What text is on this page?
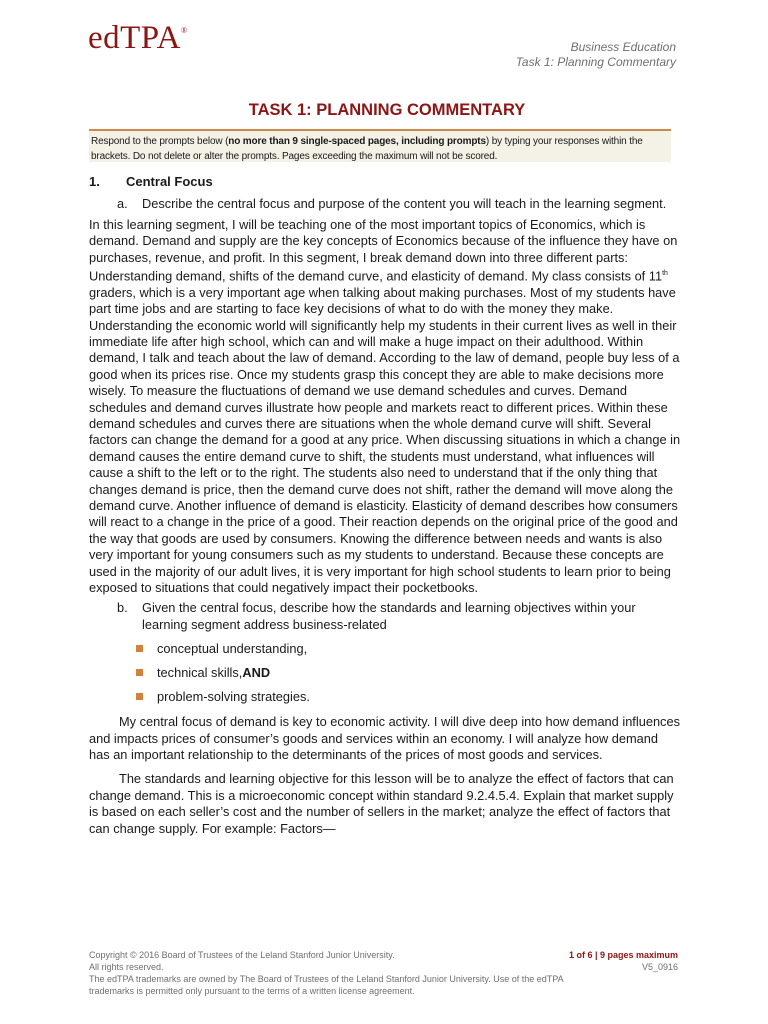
edTPA®
Business Education
Task 1: Planning Commentary
TASK 1: PLANNING COMMENTARY
Respond to the prompts below (no more than 9 single-spaced pages, including prompts) by typing your responses within the brackets. Do not delete or alter the prompts. Pages exceeding the maximum will not be scored.
1.	Central Focus
a.	Describe the central focus and purpose of the content you will teach in the learning segment.

In this learning segment, I will be teaching one of the most important topics of Economics, which is demand. Demand and supply are the key concepts of Economics because of the influence they have on purchases, revenue, and profit. In this segment, I break demand down into three different parts: Understanding demand, shifts of the demand curve, and elasticity of demand. My class consists of 11th graders, which is a very important age when talking about making purchases. Most of my students have part time jobs and are starting to face key decisions of what to do with the money they make. Understanding the economic world will significantly help my students in their current lives as well in their immediate life after high school, which can and will make a huge impact on their adulthood. Within demand, I talk and teach about the law of demand. According to the law of demand, people buy less of a good when its prices rise. Once my students grasp this concept they are able to make decisions more wisely. To measure the fluctuations of demand we use demand schedules and curves. Demand schedules and demand curves illustrate how people and markets react to different prices. Within these demand schedules and curves there are situations when the whole demand curve will shift. Several factors can change the demand for a good at any price. When discussing situations in which a change in demand causes the entire demand curve to shift, the students must understand, what influences will cause a shift to the left or to the right. The students also need to understand that if the only thing that changes demand is price, then the demand curve does not shift, rather the demand will move along the demand curve. Another influence of demand is elasticity. Elasticity of demand describes how consumers will react to a change in the price of a good. Their reaction depends on the original price of the good and the way that goods are used by consumers. Knowing the difference between needs and wants is also very important for young consumers such as my students to understand. Because these concepts are used in the majority of our adult lives, it is very important for high school students to learn prior to being exposed to situations that could negatively impact their pocketbooks.

b.	Given the central focus, describe how the standards and learning objectives within your learning segment address business-related
conceptual understanding,
technical skills, AND
problem-solving strategies.

My central focus of demand is key to economic activity. I will dive deep into how demand influences and impacts prices of consumer’s goods and services within an economy. I will analyze how demand has an important relationship to the determinants of the prices of most goods and services.

The standards and learning objective for this lesson will be to analyze the effect of factors that can change demand. This is a microeconomic concept within standard 9.2.4.5.4. Explain that market supply is based on each seller’s cost and the number of sellers in the market; analyze the effect of factors that can change supply. For example: Factors—

Copyright © 2016 Board of Trustees of the Leland Stanford Junior University.
All rights reserved.
The edTPA trademarks are owned by The Board of Trustees of the Leland Stanford Junior University. Use of the edTPA trademarks is permitted only pursuant to the terms of a written license agreement.
1 of 6 | 9 pages maximum
V5_0916
